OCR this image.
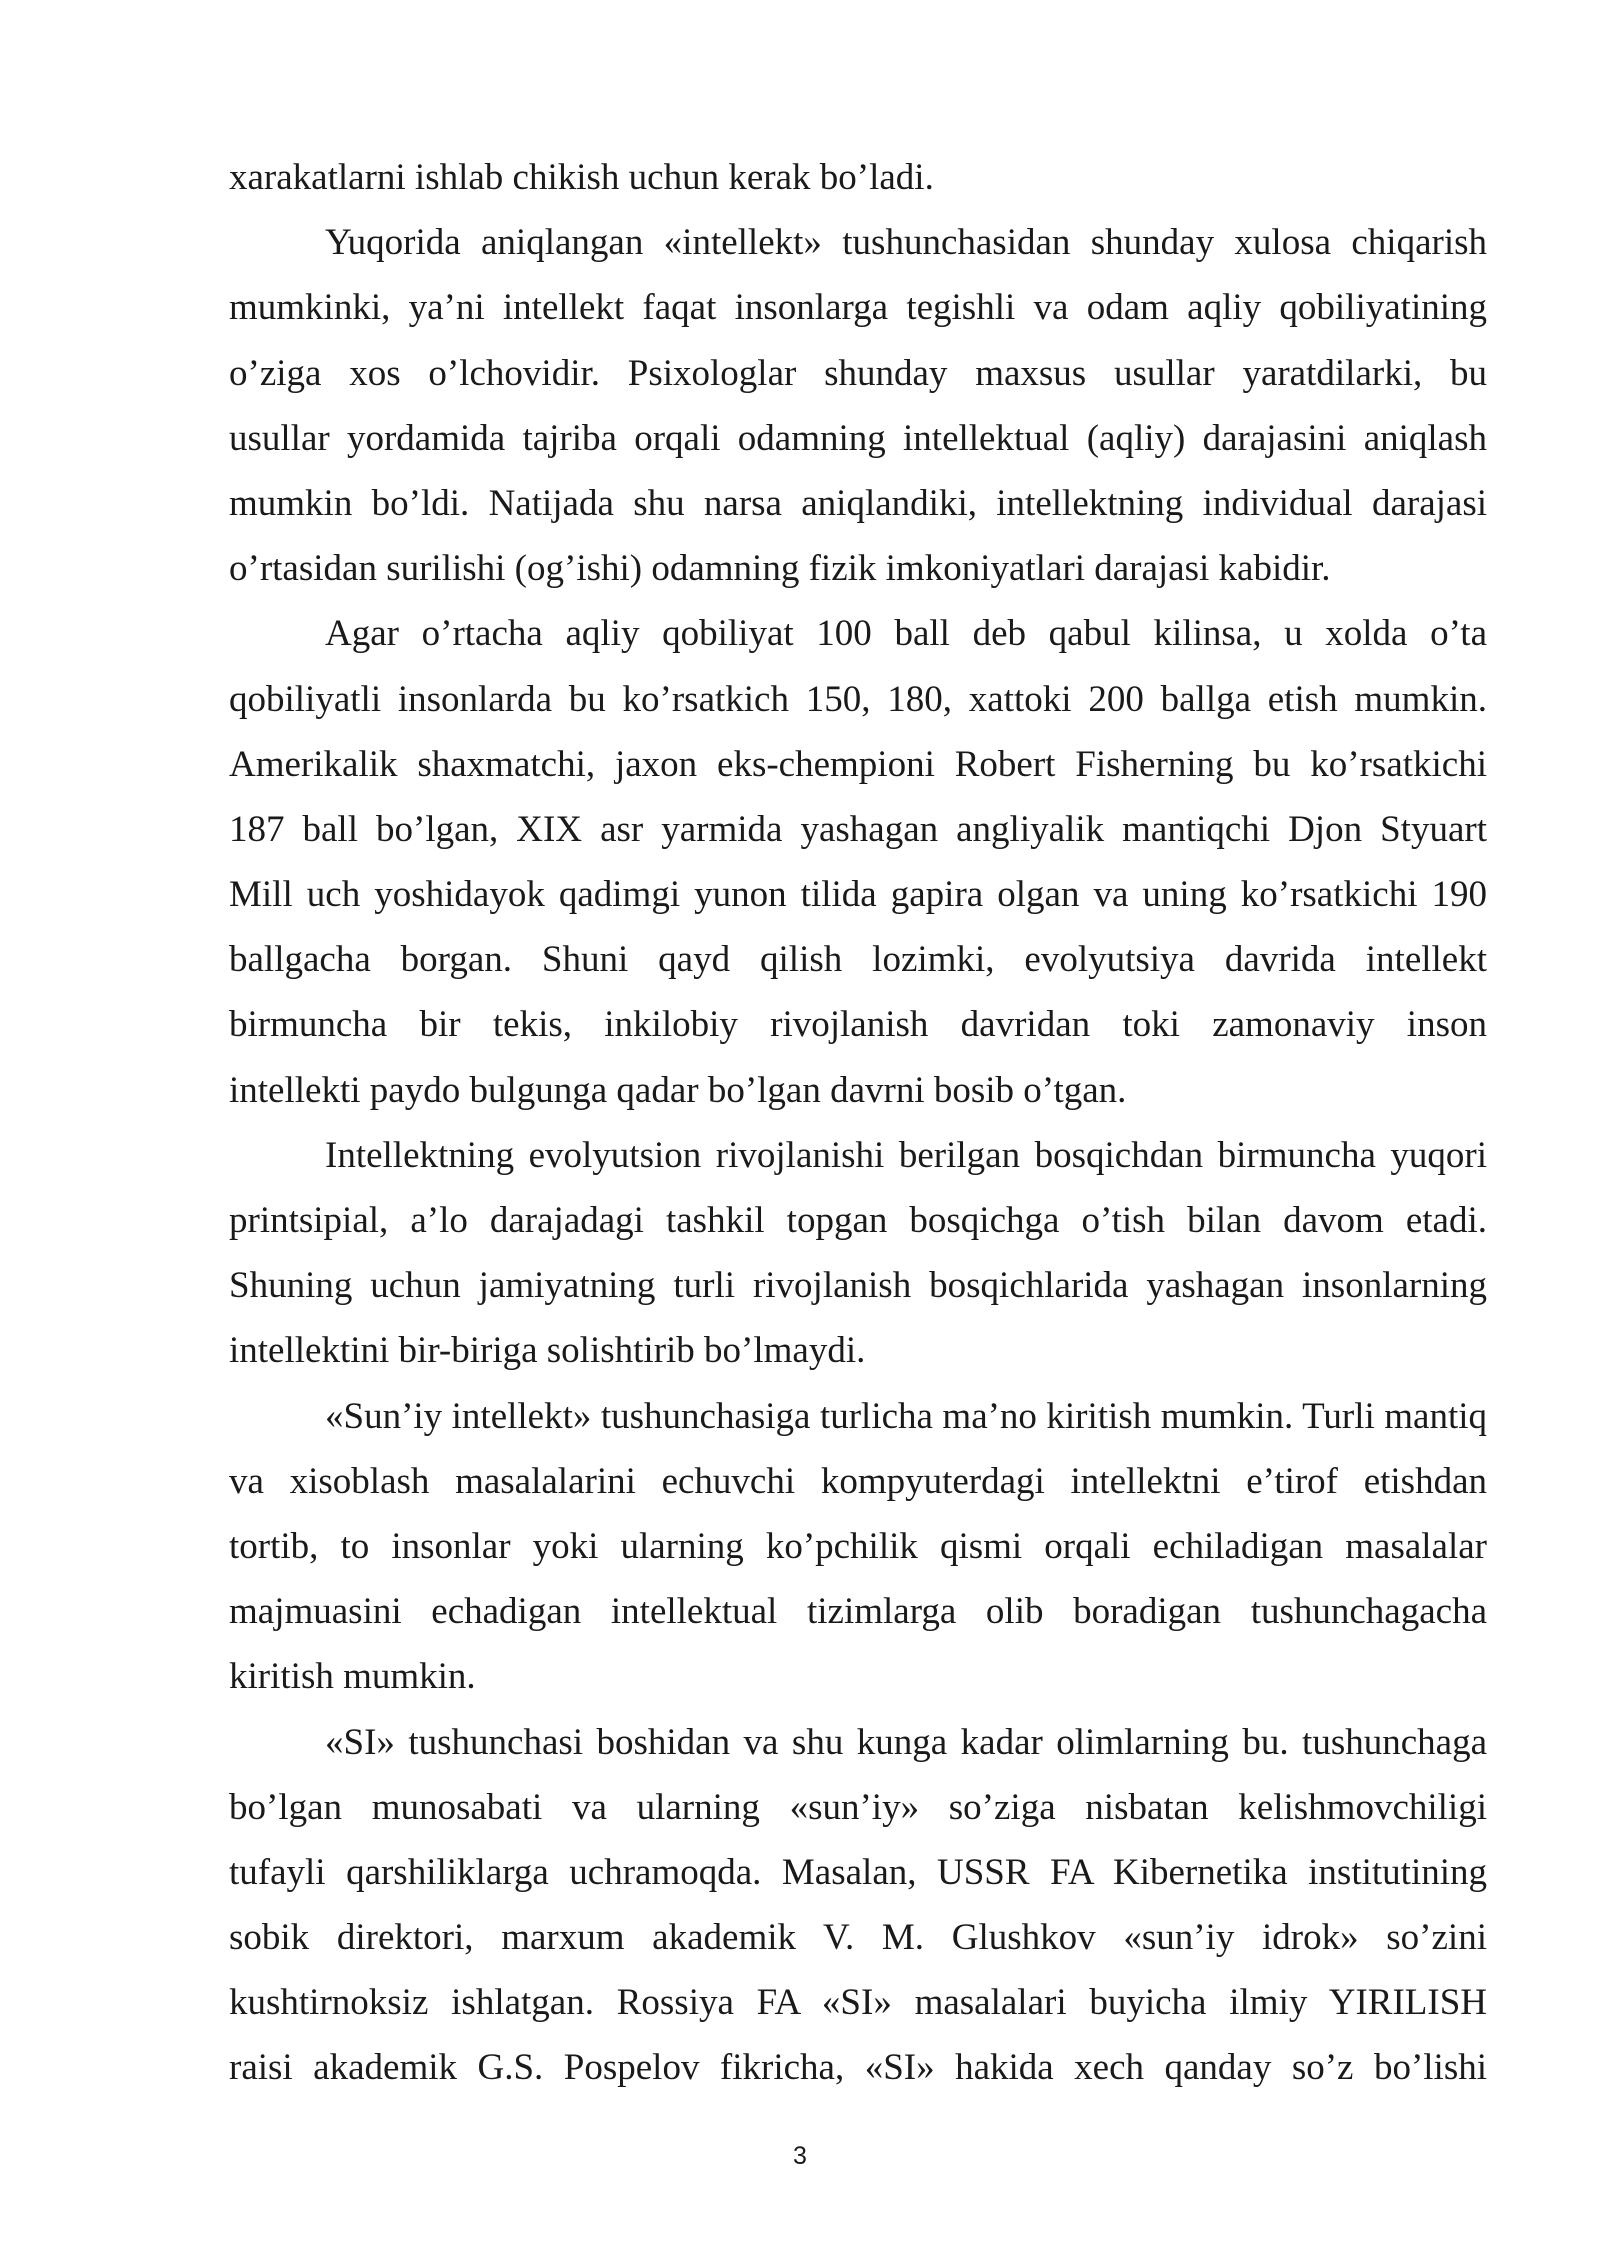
xarakatlarni ishlab chikish uchun kerak bo’ladi.
Yuqorida aniqlangan «intellekt» tushunchasidan shunday xulosa chiqarish
mumkinki, ya’ni intellekt faqat insonlarga tegishli va odam aqliy qobiliyatining
o’ziga xos o’lchovidir. Psixologlar shunday maxsus usullar yaratdilarki, bu
usullar yordamida tajriba orqali odamning intellektual (aqliy) darajasini aniqlash
mumkin bo’ldi. Natijada shu narsa aniqlandiki, intellektning individual darajasi
o’rtasidan surilishi (og’ishi) odamning fizik imkoniyatlari darajasi kabidir.
Agar o’rtacha aqliy qobiliyat 100 ball deb qabul kilinsa, u xolda o’ta
qobiliyatli insonlarda bu ko’rsatkich 150, 180, xattoki 200 ballga etish mumkin.
Amerikalik shaxmatchi, jaxon eks-chempioni Robert Fisherning bu ko’rsatkichi
187 ball bo’lgan, XIX asr yarmida yashagan angliyalik mantiqchi Djon Styuart
Mill uch yoshidayok qadimgi yunon tilida gapira olgan va uning ko’rsatkichi 190
ballgacha borgan. Shuni qayd qilish lozimki, evolyutsiya davrida intellekt
birmuncha bir tekis, inkilobiy rivojlanish davridan toki zamonaviy inson
intellekti paydo bulgunga qadar bo’lgan davrni bosib o’tgan.
Intellektning evolyutsion rivojlanishi berilgan bosqichdan birmuncha yuqori
printsipial, a’lo darajadagi tashkil topgan bosqichga o’tish bilan davom etadi.
Shuning uchun jamiyatning turli rivojlanish bosqichlarida yashagan insonlarning
intellektini bir-biriga solishtirib bo’lmaydi.
«Sun’iy intellekt» tushunchasiga turlicha ma’no kiritish mumkin. Turli mantiq
va xisoblash masalalarini echuvchi kompyuterdagi intellektni e’tirof etishdan
tortib, to insonlar yoki ularning ko’pchilik qismi orqali echiladigan masalalar
majmuasini echadigan intellektual tizimlarga olib boradigan tushunchagacha
kiritish mumkin.
«SI» tushunchasi boshidan va shu kunga kadar olimlarning bu. tushunchaga
bo’lgan munosabati va ularning «sun’iy» so’ziga nisbatan kelishmovchiligi
tufayli qarshiliklarga uchramoqda. Masalan, USSR FA Kibernetika institutining
sobik direktori, marxum akademik V. M. Glushkov «sun’iy idrok» so’zini
kushtirnoksiz ishlatgan. Rossiya FA «SI» masalalari buyicha ilmiy YIRILISH
raisi akademik G.S. Pospelov fikricha, «SI» hakida xech qanday so’z bo’lishi
3
